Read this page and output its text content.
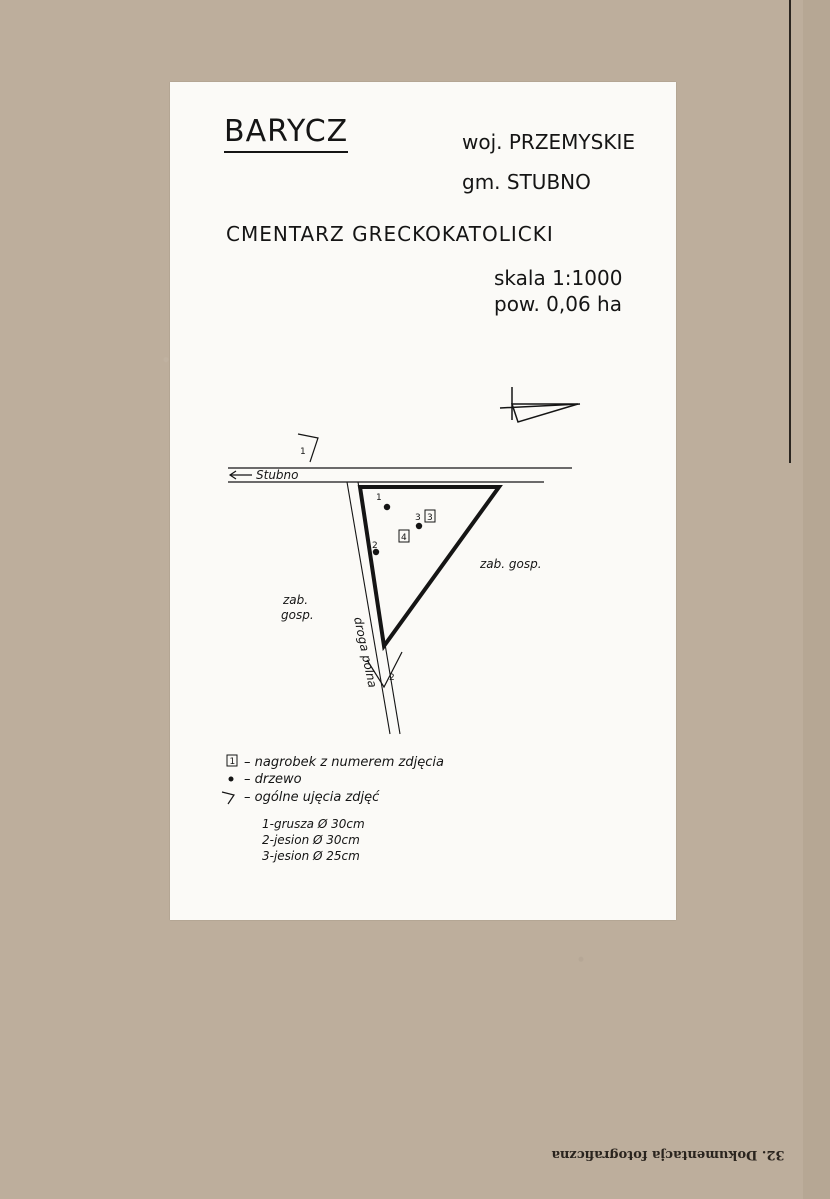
BARYCZ	woj. PRZEMYSKIE
gm. STUBNO
CMENTARZ GRECKOKATOLICKI
skala 1:1000
pow. 0,06 ha
Stubno
droga polna
1
3
2
3
4
1
2
zab. gosp.
zab.
gosp.
1 – nagrobek z numerem zdjęcia
– drzewo
– ogólne ujęcia zdjęć
1-grusza Ø 30cm
2-jesion Ø 30cm
3-jesion Ø 25cm
32. Dokumentacja fotograficzna
